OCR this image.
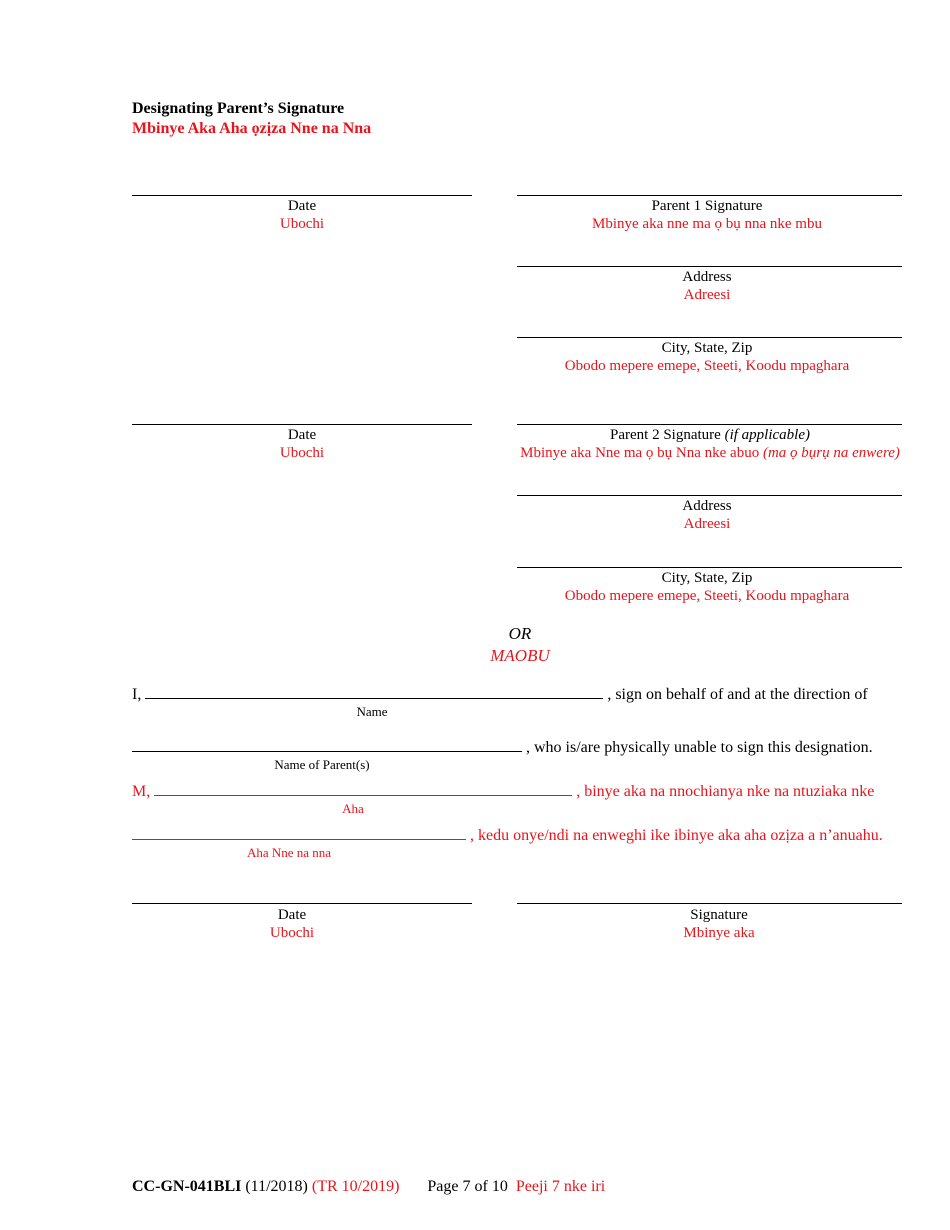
Designating Parent’s Signature
Mbinye Aka Aha ọzịza Nne na Nna
Date
Ubochi
Parent 1 Signature
Mbinye aka nne ma ọ bụ nna nke mbu
Address
Adreesi
City, State, Zip
Obodo mepere emepe, Steeti, Koodu mpaghara
Date
Ubochi
Parent 2 Signature (if applicable)
Mbinye aka Nne ma ọ bụ Nna nke abuo (ma ọ bụrụ na enwere)
Address
Adreesi
City, State, Zip
Obodo mepere emepe, Steeti, Koodu mpaghara
OR
MAOBU
I,	, sign on behalf of and at the direction of
Name
, who is/are physically unable to sign this designation.
Name of Parent(s)
M,	, binye aka na nnochianya nke na ntuziaka nke
Aha
, kedu onye/ndi na enweghi ike ibinye aka aha ozịza a n’anuahu.
Aha Nne na nna
Date
Ubochi
Signature
Mbinye aka
CC-GN-041BLI (11/2018) (TR 10/2019) Page 7 of 10 Peeji 7 nke iri
